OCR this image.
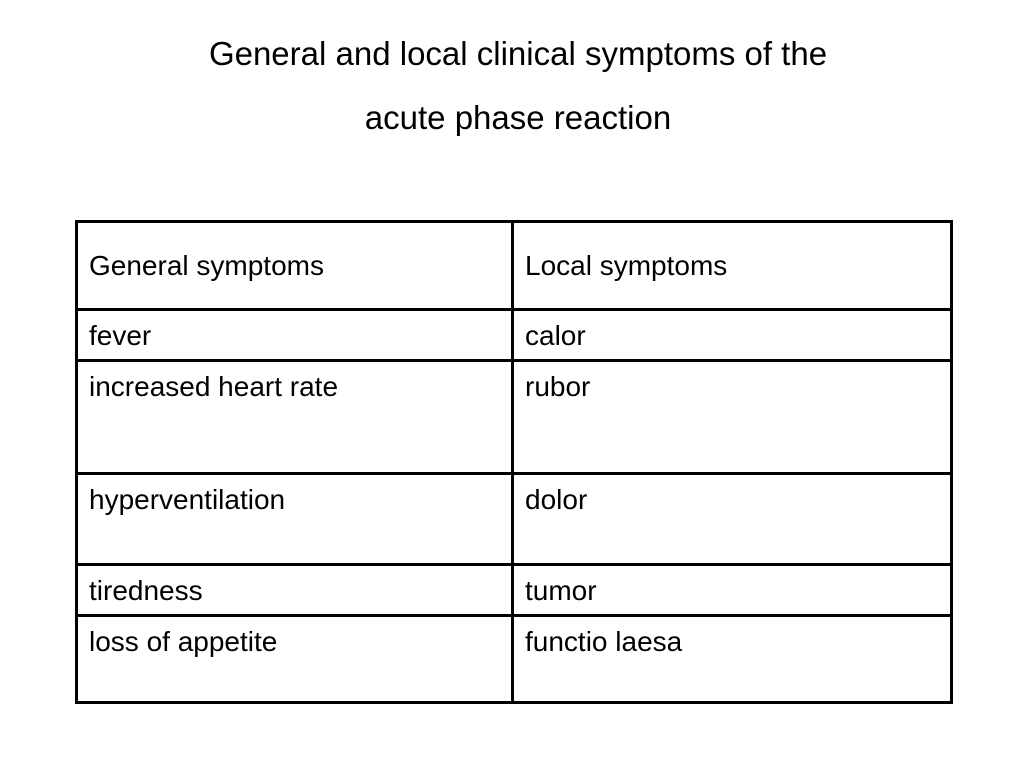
General and local clinical symptoms of the
acute phase reaction
General symptoms	Local symptoms
fever	calor
increased heart rate	rubor
hyperventilation	dolor
tiredness	tumor
loss of appetite	functio laesa
